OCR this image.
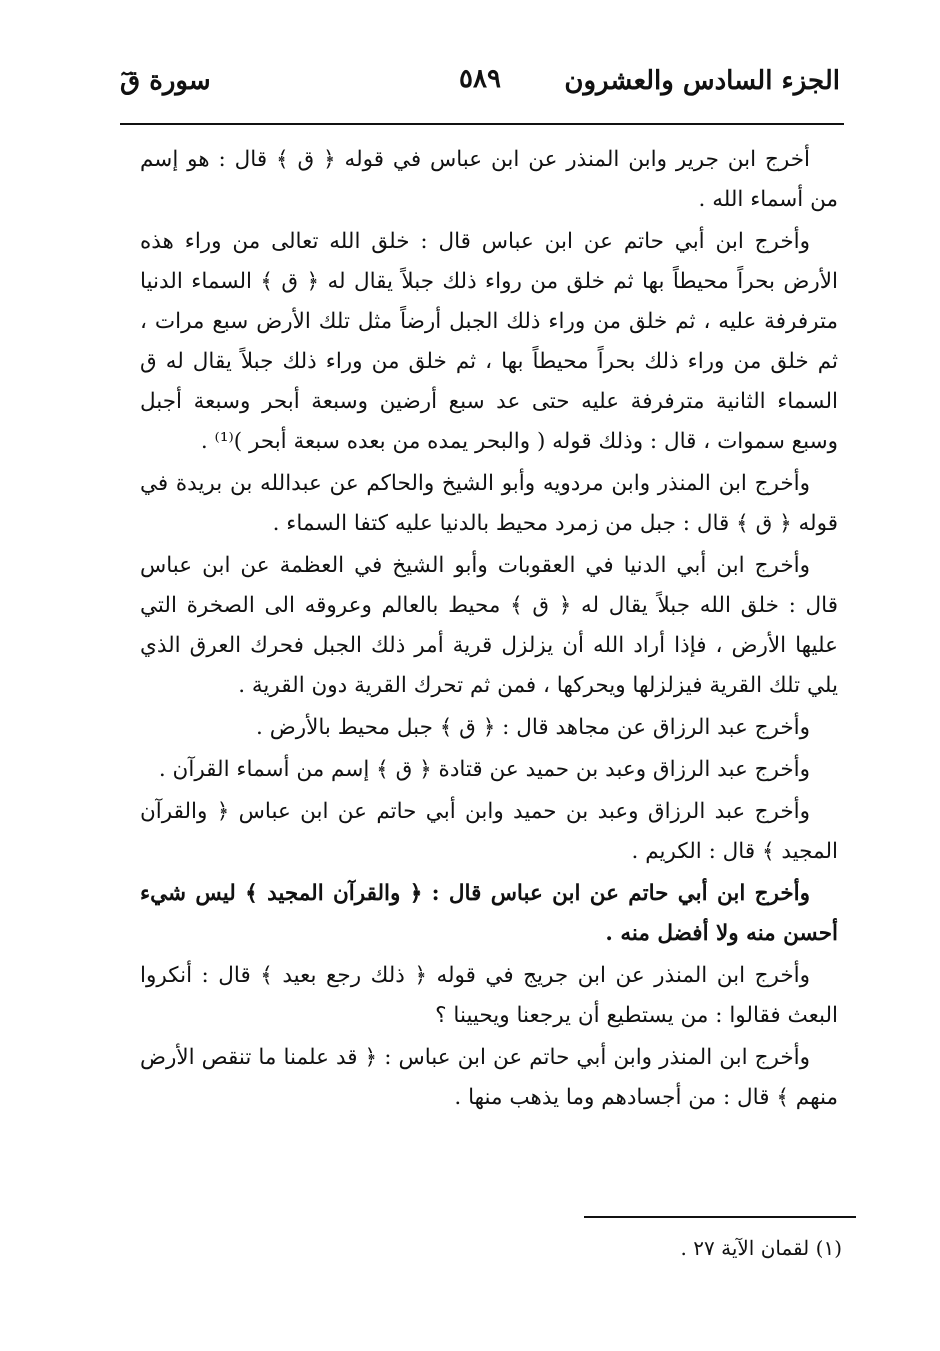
الجزء السادس والعشرون
٥٨٩
سورة قٓ

أخرج ابن جرير وابن المنذر عن ابن عباس في قوله ﴿ ق ﴾ قال : هو إسم من أسماء الله .

وأخرج ابن أبي حاتم عن ابن عباس قال : خلق الله تعالى من وراء هذه الأرض بحراً محيطاً بها ثم خلق من رواء ذلك جبلاً يقال له ﴿ ق ﴾ السماء الدنيا مترفرفة عليه ، ثم خلق من وراء ذلك الجبل أرضاً مثل تلك الأرض سبع مرات ، ثم خلق من وراء ذلك بحراً محيطاً بها ، ثم خلق من وراء ذلك جبلاً يقال له ق السماء الثانية مترفرفة عليه حتى عد سبع أرضين وسبعة أبحر وسبعة أجبل وسبع سموات ، قال : وذلك قوله ( والبحر يمده من بعده سبعة أبحر )⁽¹⁾ .

وأخرج ابن المنذر وابن مردويه وأبو الشيخ والحاكم عن عبدالله بن بريدة في قوله ﴿ ق ﴾ قال : جبل من زمرد محيط بالدنيا عليه كتفا السماء .

وأخرج ابن أبي الدنيا في العقوبات وأبو الشيخ في العظمة عن ابن عباس قال : خلق الله جبلاً يقال له ﴿ ق ﴾ محيط بالعالم وعروقه الى الصخرة التي عليها الأرض ، فإذا أراد الله أن يزلزل قرية أمر ذلك الجبل فحرك العرق الذي يلي تلك القرية فيزلزلها ويحركها ، فمن ثم تحرك القرية دون القرية .

وأخرج عبد الرزاق عن مجاهد قال : ﴿ ق ﴾ جبل محيط بالأرض .

وأخرج عبد الرزاق وعبد بن حميد عن قتادة ﴿ ق ﴾ إسم من أسماء القرآن .

وأخرج عبد الرزاق وعبد بن حميد وابن أبي حاتم عن ابن عباس ﴿ والقرآن المجيد ﴾ قال : الكريم .

وأخرج ابن أبي حاتم عن ابن عباس قال : ﴿ والقرآن المجيد ﴾ ليس شيء أحسن منه ولا أفضل منه .

وأخرج ابن المنذر عن ابن جريج في قوله ﴿ ذلك رجع بعيد ﴾ قال : أنكروا البعث فقالوا : من يستطيع أن يرجعنا ويحيينا ؟

وأخرج ابن المنذر وابن أبي حاتم عن ابن عباس : ﴿ قد علمنا ما تنقص الأرض منهم ﴾ قال : من أجسادهم وما يذهب منها .

(١) لقمان الآية ٢٧ .
